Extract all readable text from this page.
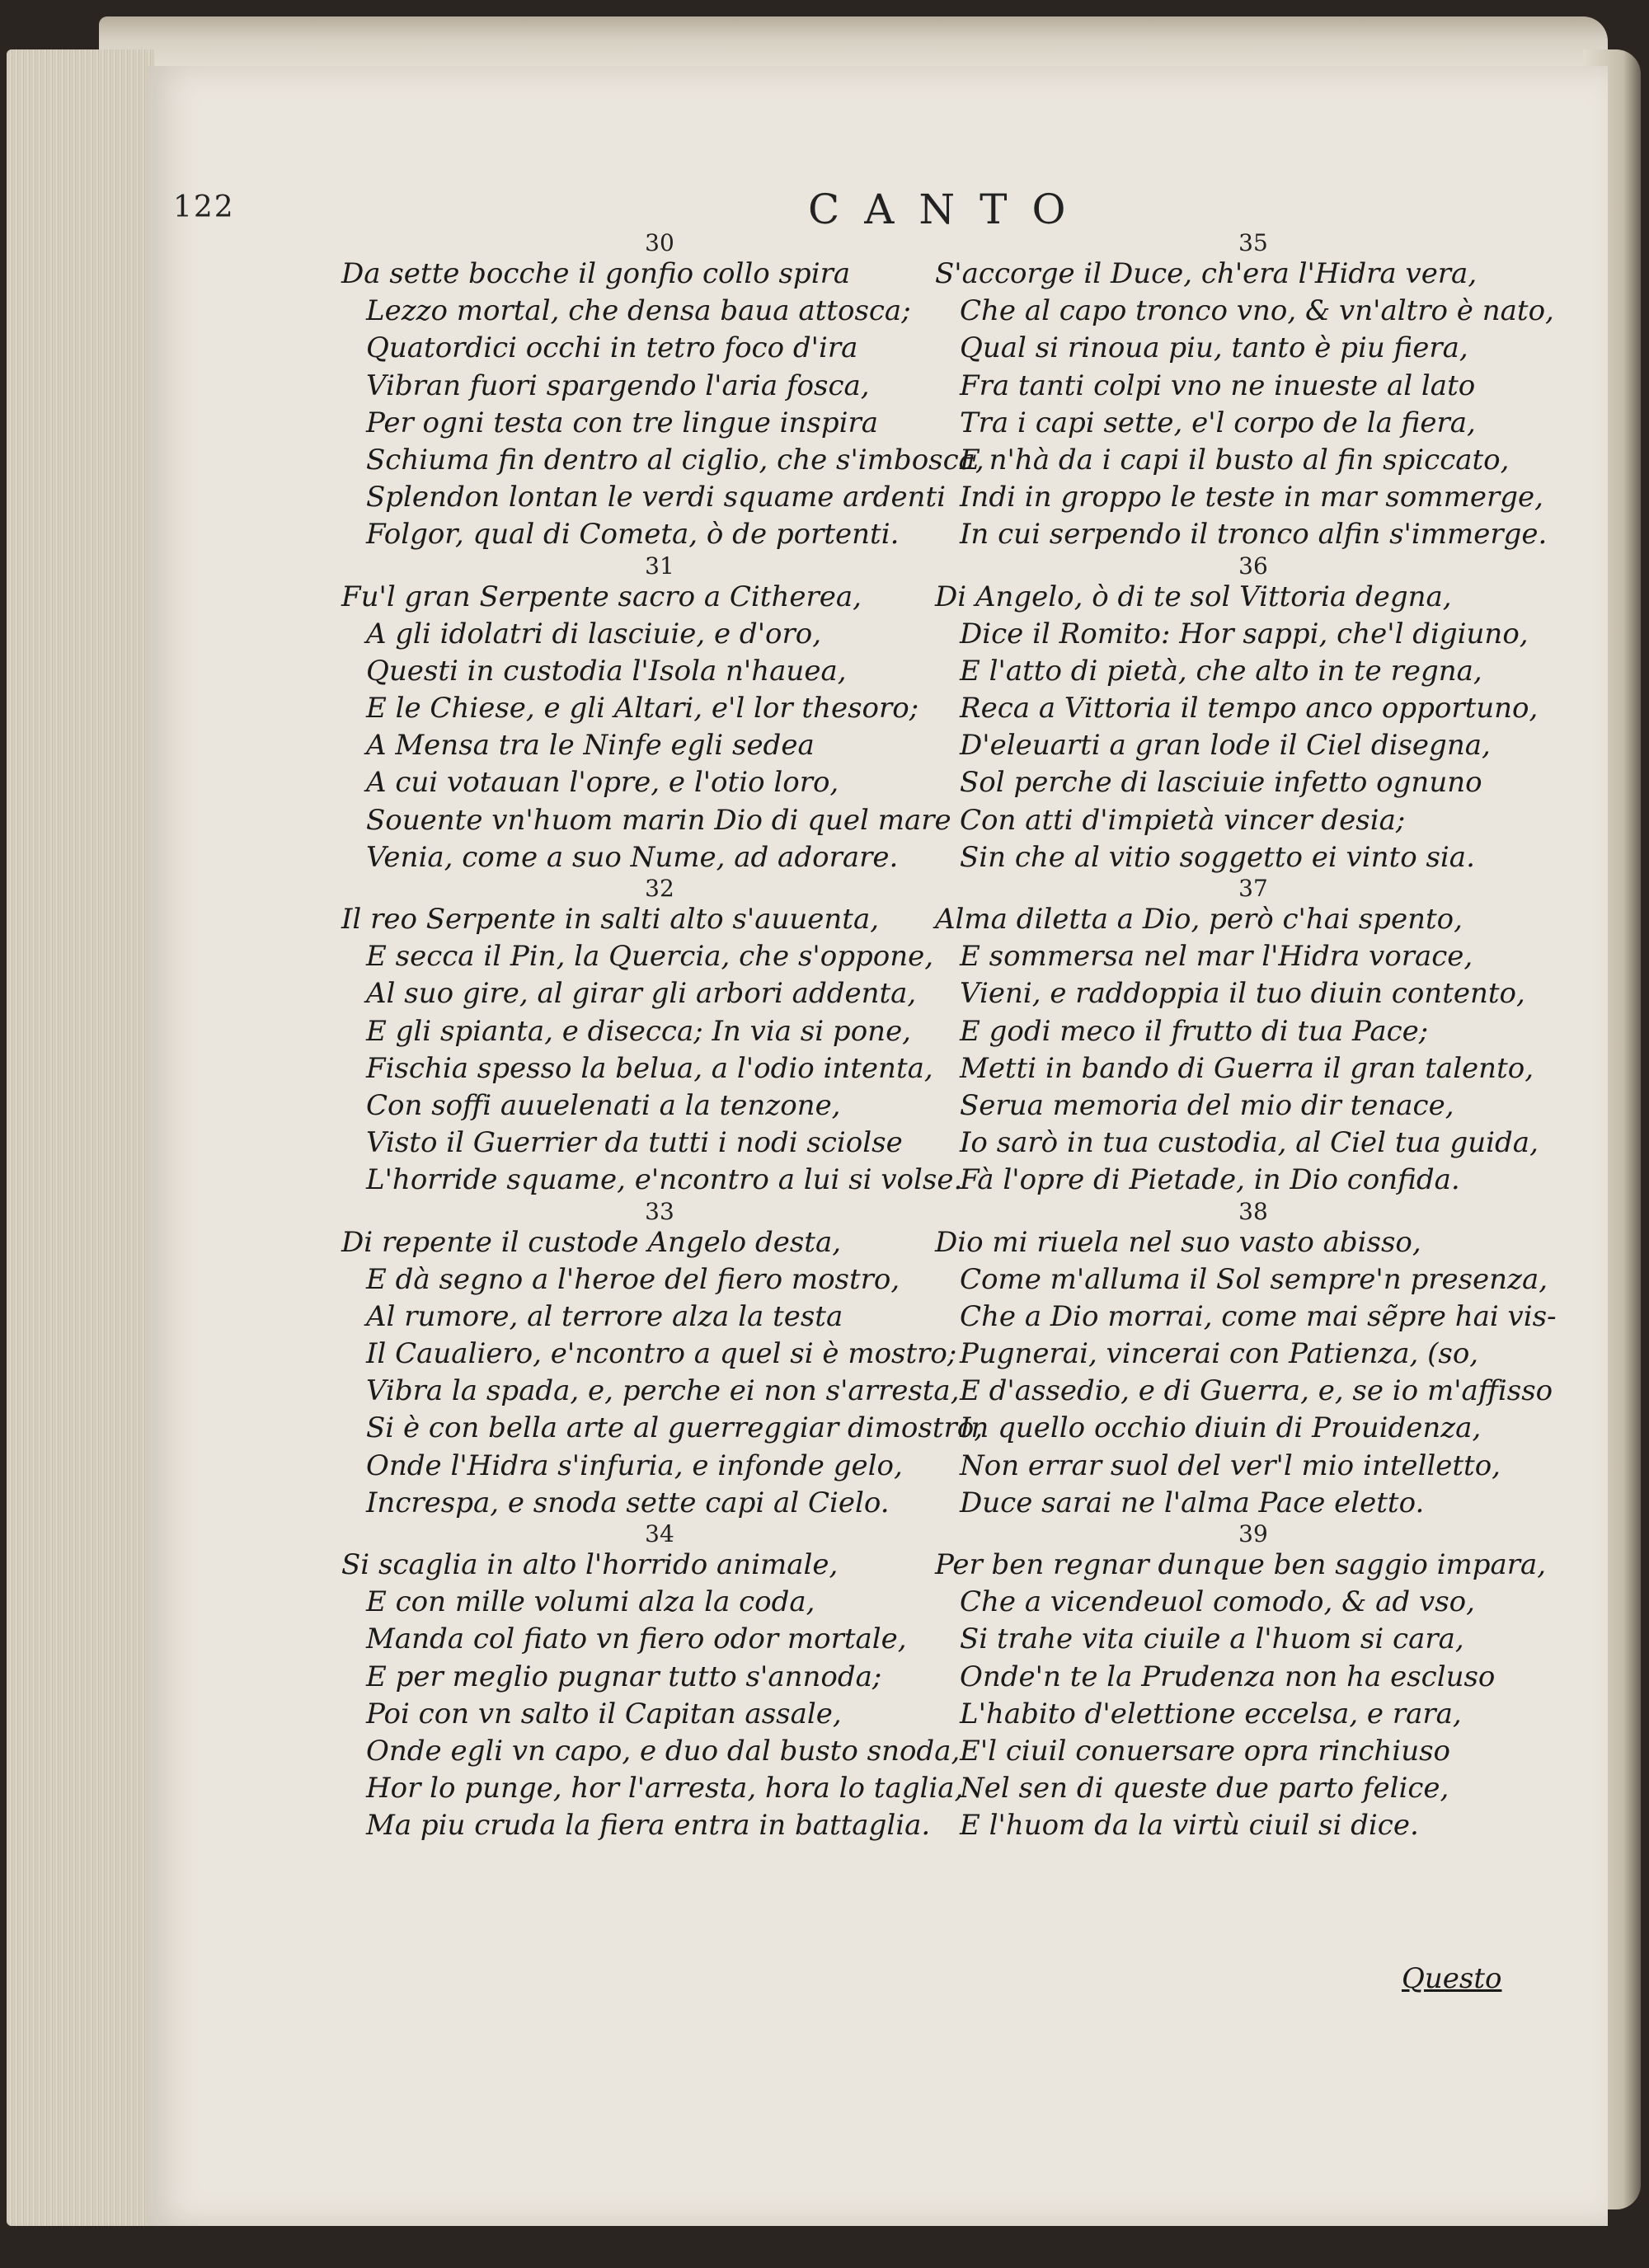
122	CANTO
30
Da sette bocche il gonfio collo spira
Lezzo mortal, che densa baua attosca;
Quatordici occhi in tetro foco d'ira
Vibran fuori spargendo l'aria fosca,
Per ogni testa con tre lingue inspira
Schiuma fin dentro al ciglio, che s'imbosca,
Splendon lontan le verdi squame ardenti
Folgor, qual di Cometa, ò de portenti.
31
Fu'l gran Serpente sacro a Citherea,
A gli idolatri di lasciuie, e d'oro,
Questi in custodia l'Isola n'hauea,
E le Chiese, e gli Altari, e'l lor thesoro;
A Mensa tra le Ninfe egli sedea
A cui votauan l'opre, e l'otio loro,
Souente vn'huom marin Dio di quel mare
Venia, come a suo Nume, ad adorare.
32
Il reo Serpente in salti alto s'auuenta,
E secca il Pin, la Quercia, che s'oppone,
Al suo gire, al girar gli arbori addenta,
E gli spianta, e disecca; In via si pone,
Fischia spesso la belua, a l'odio intenta,
Con soffi auuelenati a la tenzone,
Visto il Guerrier da tutti i nodi sciolse
L'horride squame, e'ncontro a lui si volse.
33
Di repente il custode Angelo desta,
E dà segno a l'heroe del fiero mostro,
Al rumore, al terrore alza la testa
Il Caualiero, e'ncontro a quel si è mostro;
Vibra la spada, e, perche ei non s'arresta,
Si è con bella arte al guerreggiar dimostro,
Onde l'Hidra s'infuria, e infonde gelo,
Increspa, e snoda sette capi al Cielo.
34
Si scaglia in alto l'horrido animale,
E con mille volumi alza la coda,
Manda col fiato vn fiero odor mortale,
E per meglio pugnar tutto s'annoda;
Poi con vn salto il Capitan assale,
Onde egli vn capo, e duo dal busto snoda,
Hor lo punge, hor l'arresta, hora lo taglia,
Ma piu cruda la fiera entra in battaglia.
35
S'accorge il Duce, ch'era l'Hidra vera,
Che al capo tronco vno, & vn'altro è nato,
Qual si rinoua piu, tanto è piu fiera,
Fra tanti colpi vno ne inueste al lato
Tra i capi sette, e'l corpo de la fiera,
E n'hà da i capi il busto al fin spiccato,
Indi in groppo le teste in mar sommerge,
In cui serpendo il tronco alfin s'immerge.
36
Di Angelo, ò di te sol Vittoria degna,
Dice il Romito: Hor sappi, che'l digiuno,
E l'atto di pietà, che alto in te regna,
Reca a Vittoria il tempo anco opportuno,
D'eleuarti a gran lode il Ciel disegna,
Sol perche di lasciuie infetto ognuno
Con atti d'impietà vincer desia;
Sin che al vitio soggetto ei vinto sia.
37
Alma diletta a Dio, però c'hai spento,
E sommersa nel mar l'Hidra vorace,
Vieni, e raddoppia il tuo diuin contento,
E godi meco il frutto di tua Pace;
Metti in bando di Guerra il gran talento,
Serua memoria del mio dir tenace,
Io sarò in tua custodia, al Ciel tua guida,
Fà l'opre di Pietade, in Dio confida.
38
Dio mi riuela nel suo vasto abisso,
Come m'alluma il Sol sempre'n presenza,
Che a Dio morrai, come mai sẽpre hai vis-
Pugnerai, vincerai con Patienza, (so,
E d'assedio, e di Guerra, e, se io m'affisso
In quello occhio diuin di Prouidenza,
Non errar suol del ver'l mio intelletto,
Duce sarai ne l'alma Pace eletto.
39
Per ben regnar dunque ben saggio impara,
Che a vicendeuol comodo, & ad vso,
Si trahe vita ciuile a l'huom si cara,
Onde'n te la Prudenza non ha escluso
L'habito d'elettione eccelsa, e rara,
E'l ciuil conuersare opra rinchiuso
Nel sen di queste due parto felice,
E l'huom da la virtù ciuil si dice.
Questo
